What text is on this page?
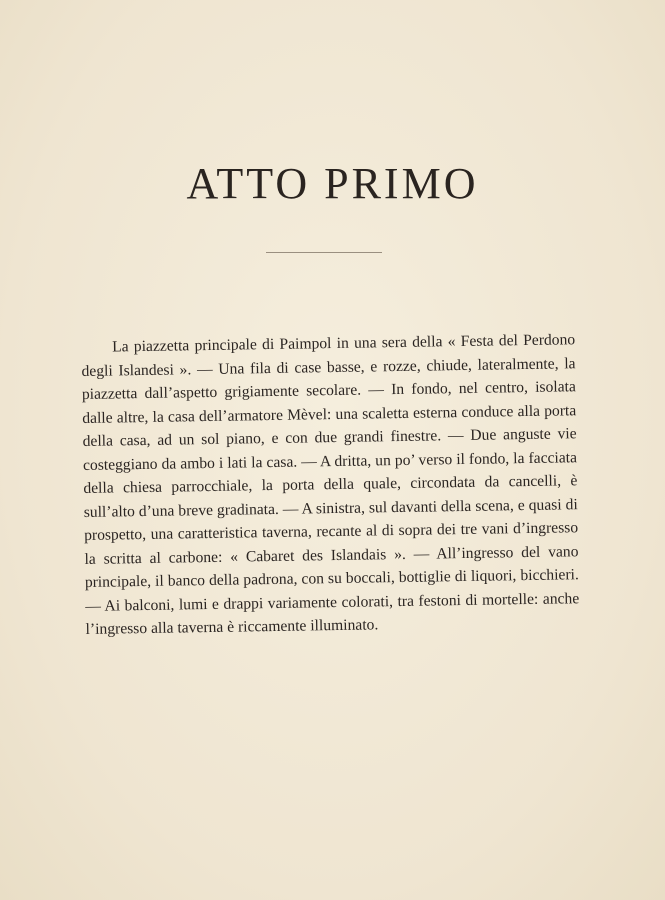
ATTO PRIMO

La piazzetta principale di Paimpol in una sera della « Festa del Perdono degli Islandesi ». — Una fila di case basse, e rozze, chiude, lateralmente, la piazzetta dall’aspetto grigiamente secolare. — In fondo, nel centro, isolata dalle altre, la casa dell’armatore Mèvel: una scaletta esterna conduce alla porta della casa, ad un sol piano, e con due grandi finestre. — Due anguste vie costeggiano da ambo i lati la casa. — A dritta, un po’ verso il fondo, la facciata della chiesa parrocchiale, la porta della quale, circondata da cancelli, è sull’alto d’una breve gradinata. — A sinistra, sul davanti della scena, e quasi di prospetto, una caratteristica taverna, recante al di sopra dei tre vani d’ingresso la scritta al carbone: « Cabaret des Islandais ». — All’ingresso del vano principale, il banco della padrona, con su boccali, bottiglie di liquori, bicchieri. — Ai balconi, lumi e drappi variamente colorati, tra festoni di mortelle: anche l’ingresso alla taverna è riccamente illuminato.
